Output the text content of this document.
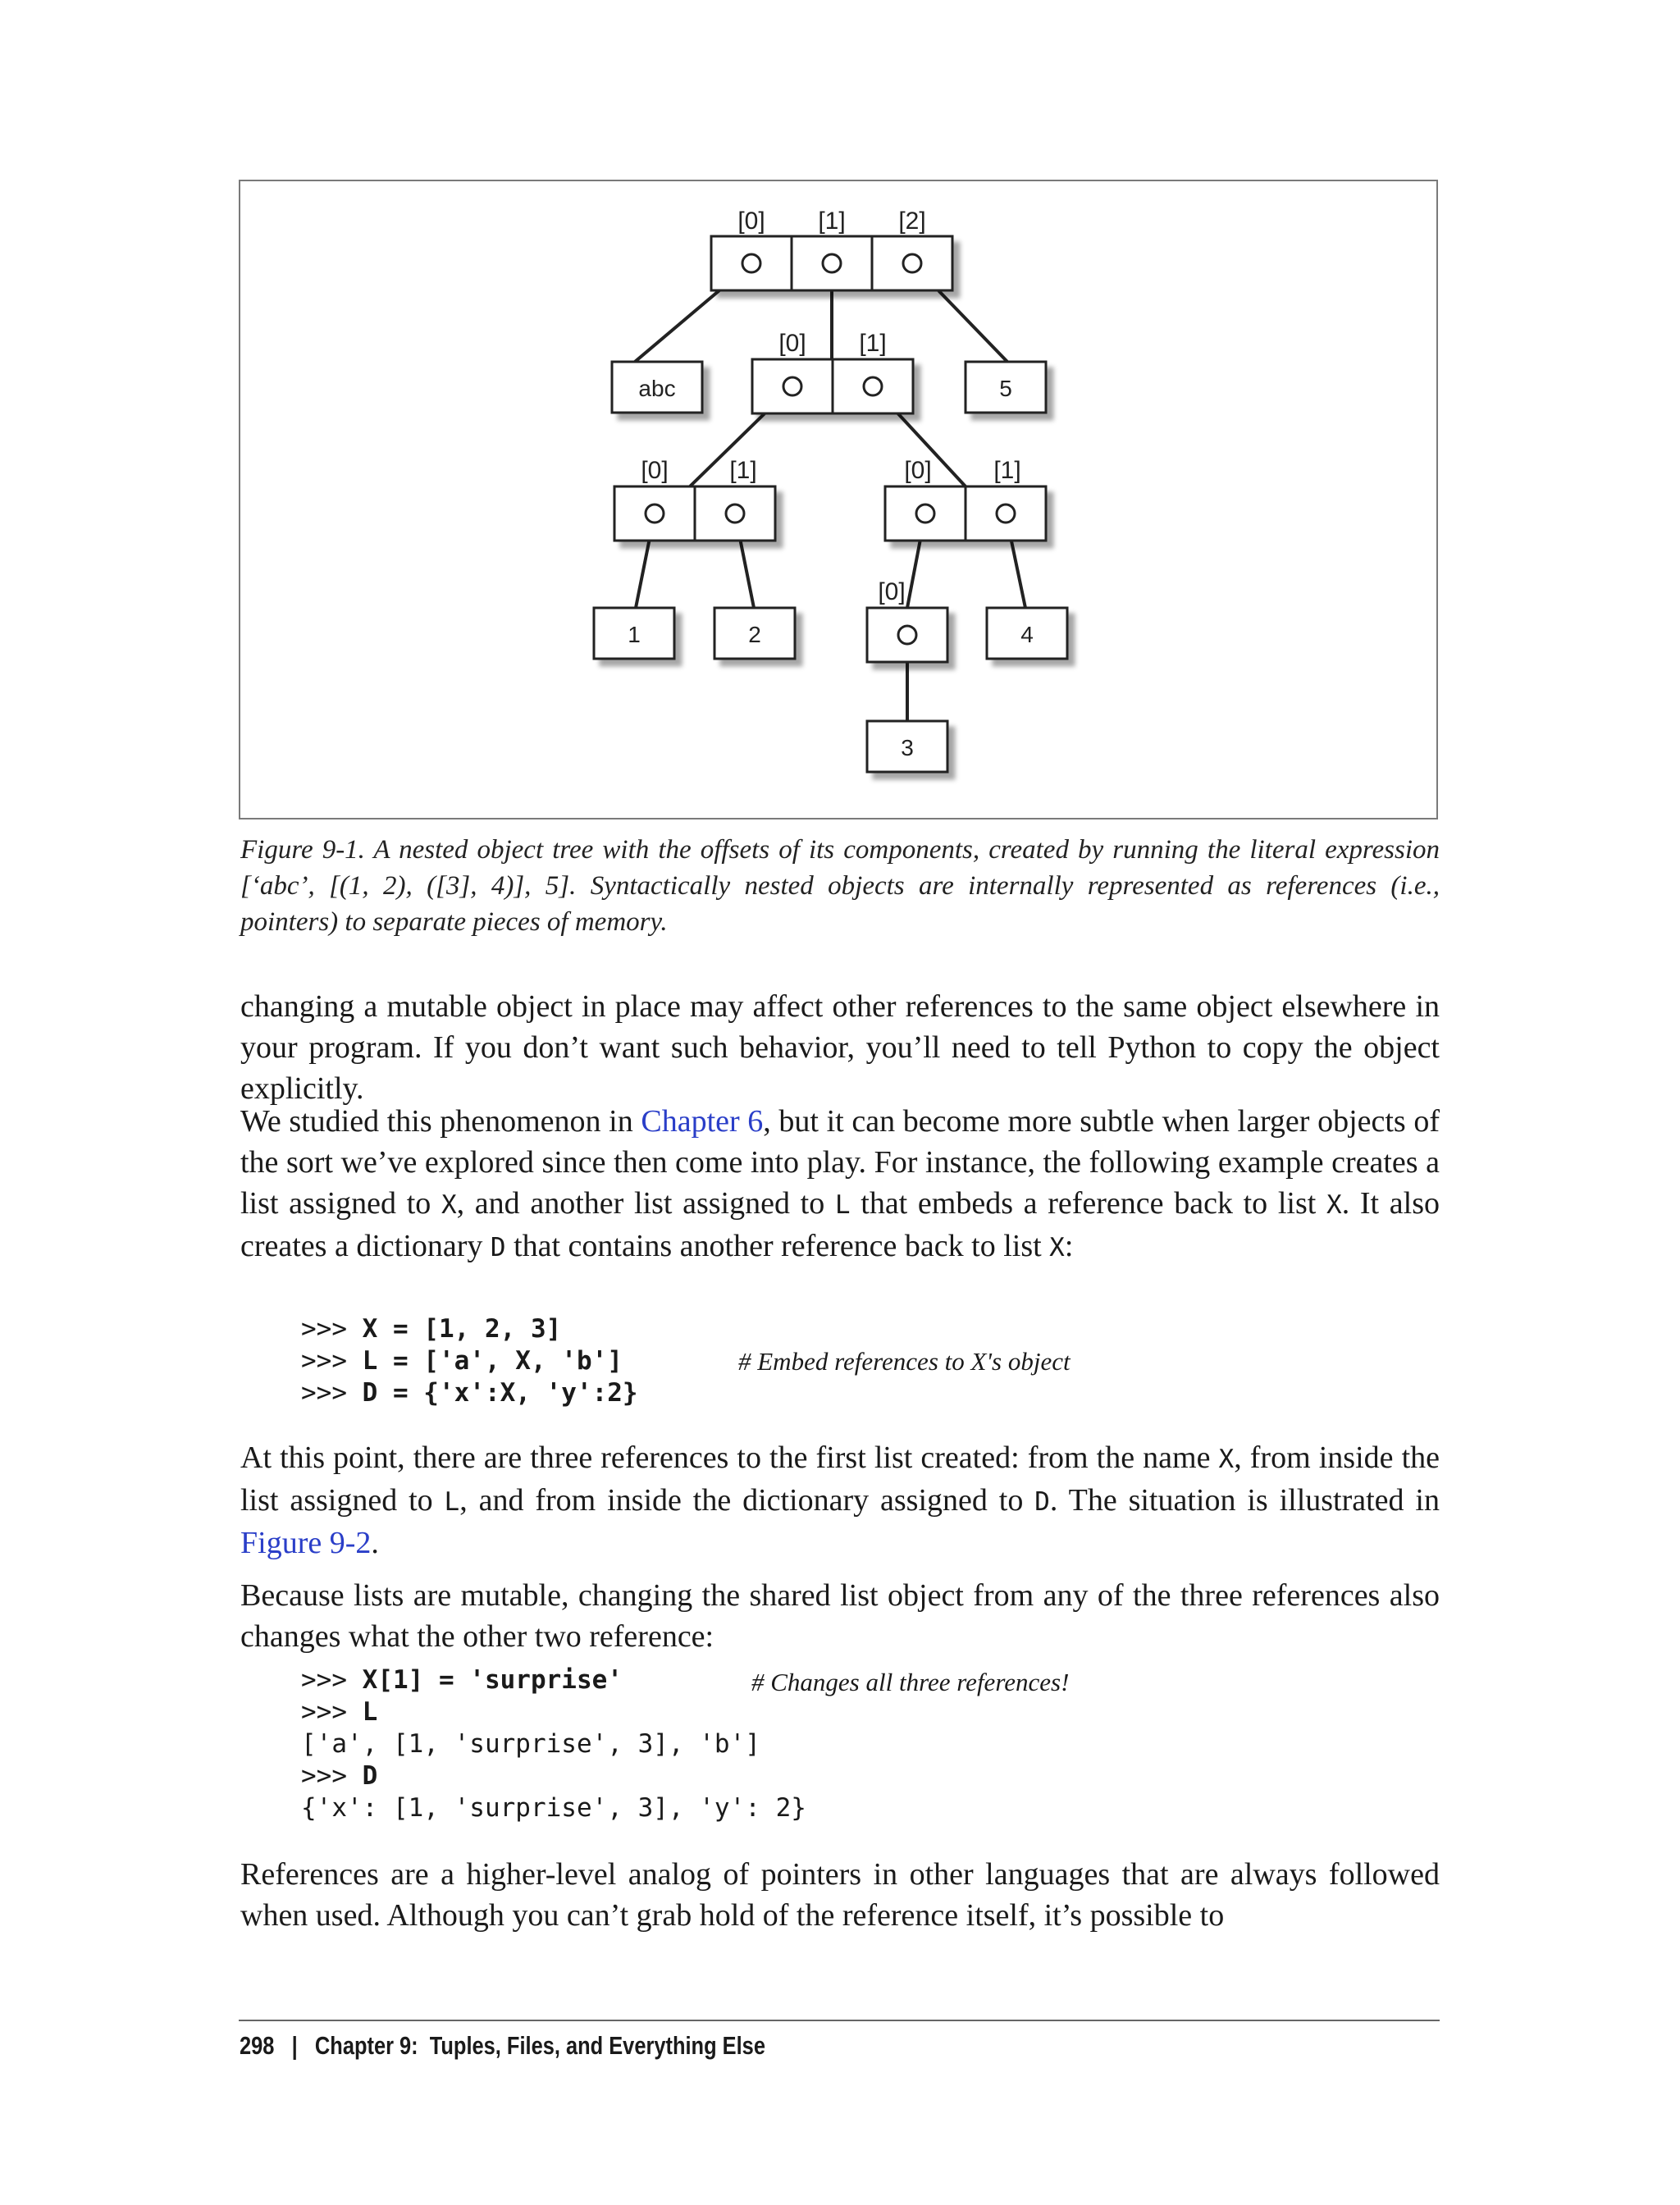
abc	5
1	2	4
3
[0] [1] [2]
[0] [1]
[0] [1]	[0]	[1]
[0]

Figure 9-1. A nested object tree with the offsets of its components, created by running the literal expression [‘abc’, [(1, 2), ([3], 4)], 5]. Syntactically nested objects are internally represented as references (i.e., pointers) to separate pieces of memory.

changing a mutable object in place may affect other references to the same object elsewhere in your program. If you don’t want such behavior, you’ll need to tell Python to copy the object explicitly.

We studied this phenomenon in Chapter 6, but it can become more subtle when larger objects of the sort we’ve explored since then come into play. For instance, the following example creates a list assigned to X, and another list assigned to L that embeds a reference back to list X. It also creates a dictionary D that contains another reference back to list X:

>>> X = [1, 2, 3]
>>> L = ['a', X, 'b']
>>> D = {'x':X, 'y':2}
# Embed references to X's object

At this point, there are three references to the first list created: from the name X, from inside the list assigned to L, and from inside the dictionary assigned to D. The situation is illustrated in Figure 9-2.

Because lists are mutable, changing the shared list object from any of the three references also changes what the other two reference:

>>> X[1] = 'surprise'
>>> L
['a', [1, 'surprise', 3], 'b']
>>> D
{'x': [1, 'surprise', 3], 'y': 2}
# Changes all three references!

References are a higher-level analog of pointers in other languages that are always followed when used. Although you can’t grab hold of the reference itself, it’s possible to

298 | Chapter 9:  Tuples, Files, and Everything Else
